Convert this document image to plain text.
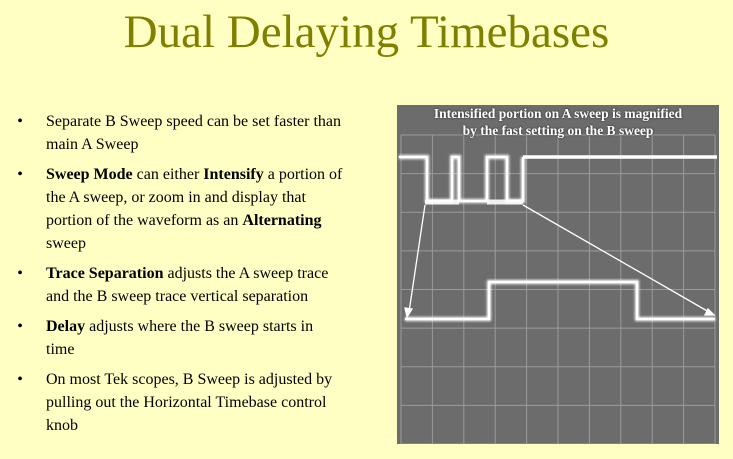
Dual Delaying Timebases
• Separate B Sweep speed can be set faster than main A Sweep
• Sweep Mode can either Intensify a portion of the A sweep, or zoom in and display that portion of the waveform as an Alternating sweep
• Trace Separation adjusts the A sweep trace and the B sweep trace vertical separation
• Delay adjusts where the B sweep starts in time
• On most Tek scopes, B Sweep is adjusted by pulling out the Horizontal Timebase control knob
Intensified portion on A sweep is magnified
by the fast setting on the B sweep
